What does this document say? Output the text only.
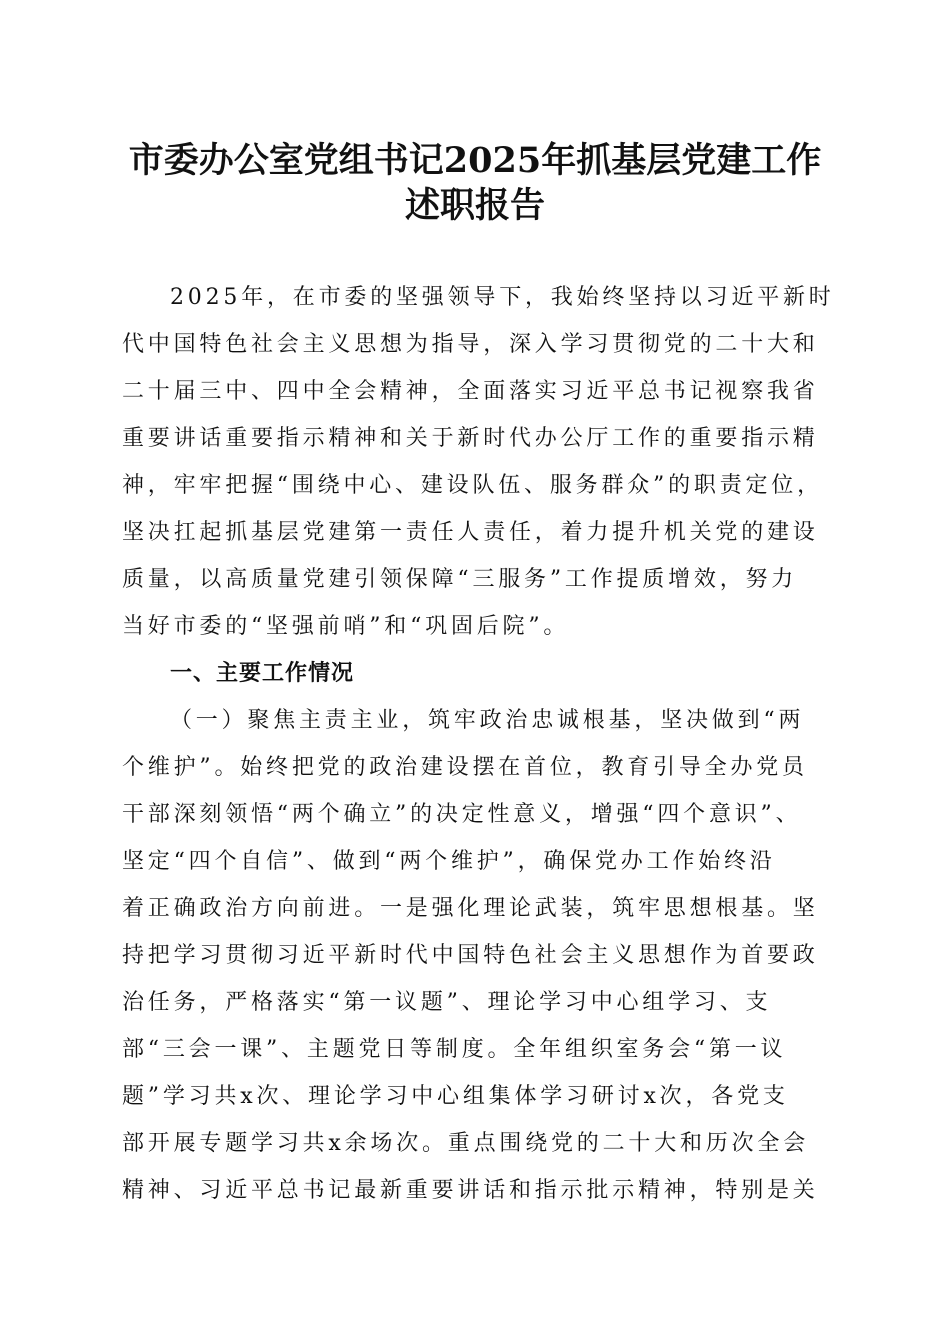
市委办公室党组书记2025年抓基层党建工作
述职报告
2025年，在市委的坚强领导下，我始终坚持以习近平新时
代中国特色社会主义思想为指导，深入学习贯彻党的二十大和
二十届三中、四中全会精神，全面落实习近平总书记视察我省
重要讲话重要指示精神和关于新时代办公厅工作的重要指示精
神，牢牢把握“围绕中心、建设队伍、服务群众”的职责定位，
坚决扛起抓基层党建第一责任人责任，着力提升机关党的建设
质量，以高质量党建引领保障“三服务”工作提质增效，努力
当好市委的“坚强前哨”和“巩固后院”。
一、主要工作情况
（一）聚焦主责主业，筑牢政治忠诚根基，坚决做到“两
个维护”。始终把党的政治建设摆在首位，教育引导全办党员
干部深刻领悟“两个确立”的决定性意义，增强“四个意识”、
坚定“四个自信”、做到“两个维护”，确保党办工作始终沿
着正确政治方向前进。一是强化理论武装，筑牢思想根基。坚
持把学习贯彻习近平新时代中国特色社会主义思想作为首要政
治任务，严格落实“第一议题”、理论学习中心组学习、支
部“三会一课”、主题党日等制度。全年组织室务会“第一议
题”学习共x次、理论学习中心组集体学习研讨x次，各党支
部开展专题学习共x余场次。重点围绕党的二十大和历次全会
精神、习近平总书记最新重要讲话和指示批示精神，特别是关
